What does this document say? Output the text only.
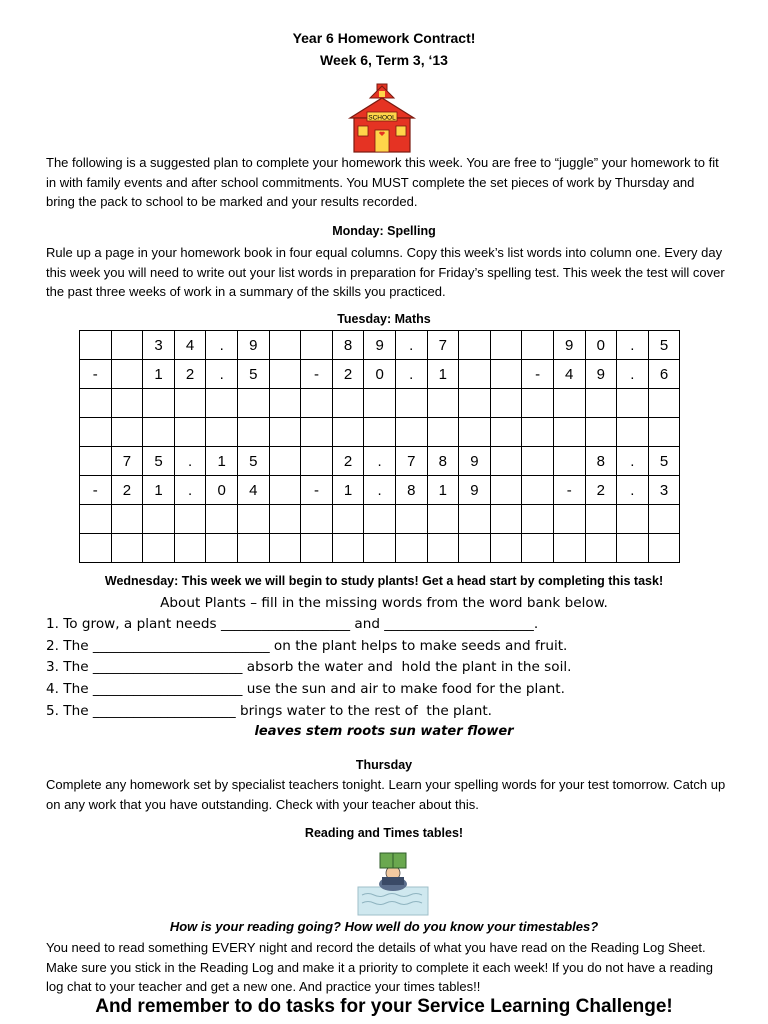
Year 6 Homework Contract!
Week 6, Term 3, ‘13
SCHOOL
The following is a suggested plan to complete your homework this week. You are free to “juggle” your homework to fit in with family events and after school commitments. You MUST complete the set pieces of work by Thursday and bring the pack to school to be marked and your results recorded.
Monday: Spelling
Rule up a page in your homework book in four equal columns. Copy this week’s list words into column one. Every day this week you will need to write out your list words in preparation for Friday’s spelling test. This week the test will cover the past three weeks of work in a summary of the skills you practiced.
Tuesday: Maths
		3	4	.	9			8	9	.	7				9	0	.	5
-		1	2	.	5		-	2	0	.	1			-	4	9	.	6

	7	5	.	1	5			2	.	7	8	9				8	.	5
-	2	1	.	0	4		-	1	.	8	1	9			-	2	.	3

Wednesday: This week we will begin to study plants! Get a head start by completing this task!
About Plants – fill in the missing words from the word bank below.
1. To grow, a plant needs ___________________ and ______________________.
2. The __________________________ on the plant helps to make seeds and fruit.
3. The ______________________ absorb the water and  hold the plant in the soil.
4. The ______________________ use the sun and air to make food for the plant.
5. The _____________________ brings water to the rest of  the plant.
leaves stem roots sun water flower
Thursday
Complete any homework set by specialist teachers tonight. Learn your spelling words for your test tomorrow. Catch up on any work that you have outstanding. Check with your teacher about this.
Reading and Times tables!
How is your reading going? How well do you know your timestables?
You need to read something EVERY night and record the details of what you have read on the Reading Log Sheet. Make sure you stick in the Reading Log and make it a priority to complete it each week! If you do not have a reading log chat to your teacher and get a new one. And practice your times tables!!
And remember to do tasks for your Service Learning Challenge!
